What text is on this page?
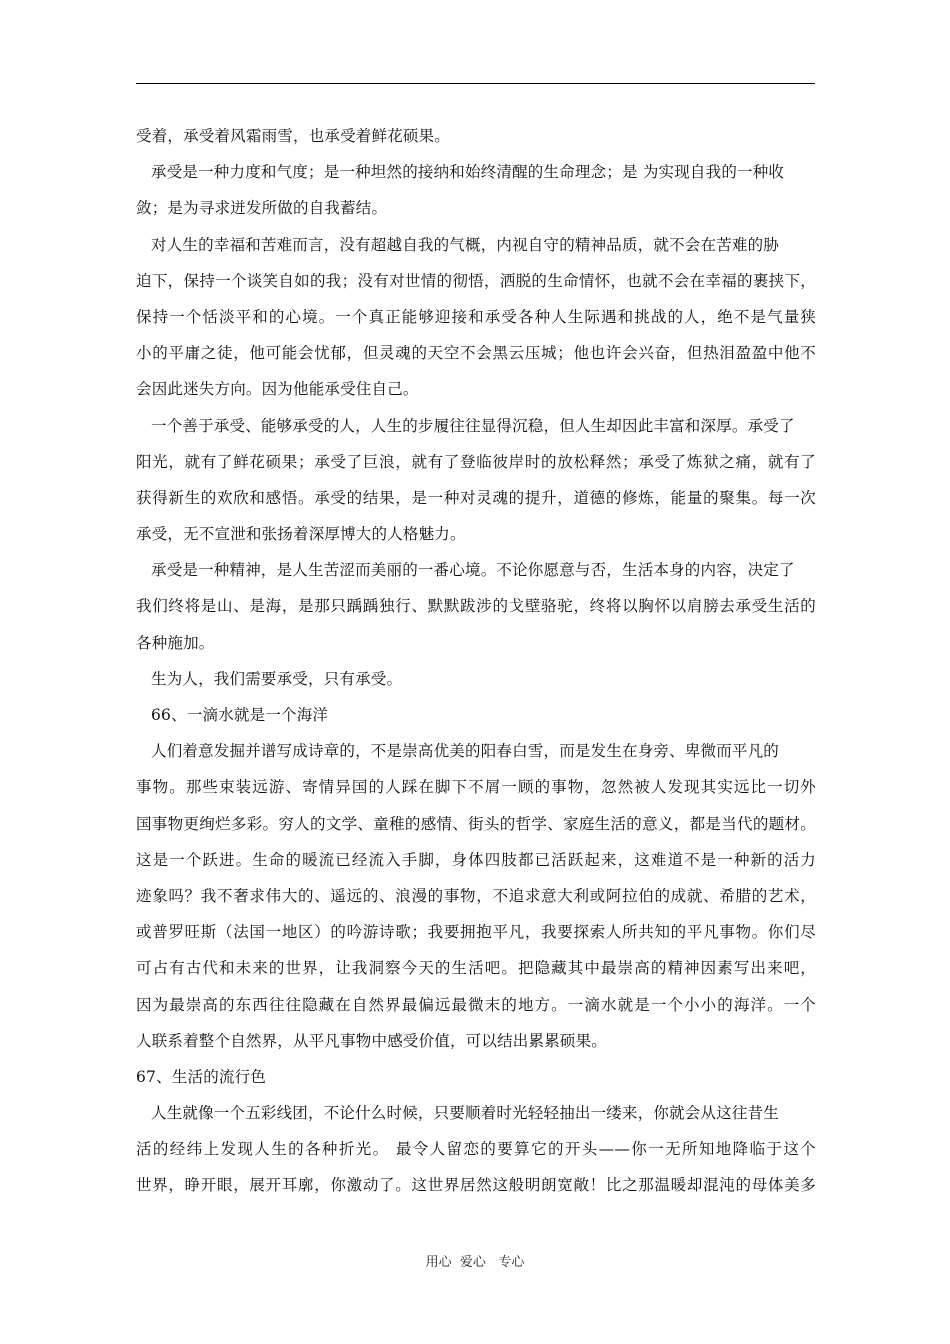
受着，承受着风霜雨雪，也承受着鲜花硕果。
承受是一种力度和气度；是一种坦然的接纳和始终清醒的生命理念；是 为实现自我的一种收
敛；是为寻求迸发所做的自我蓄结。
对人生的幸福和苦难而言，没有超越自我的气概，内视自守的精神品质，就不会在苦难的胁
迫下，保持一个谈笑自如的我；没有对世情的彻悟，洒脱的生命情怀，也就不会在幸福的裹挟下，
保持一个恬淡平和的心境。一个真正能够迎接和承受各种人生际遇和挑战的人，绝不是气量狭
小的平庸之徒，他可能会忧郁，但灵魂的天空不会黑云压城；他也许会兴奋，但热泪盈盈中他不
会因此迷失方向。因为他能承受住自己。
一个善于承受、能够承受的人，人生的步履往往显得沉稳，但人生却因此丰富和深厚。承受了
阳光，就有了鲜花硕果；承受了巨浪，就有了登临彼岸时的放松释然；承受了炼狱之痛，就有了
获得新生的欢欣和感悟。承受的结果，是一种对灵魂的提升，道德的修炼，能量的聚集。每一次
承受，无不宣泄和张扬着深厚博大的人格魅力。
承受是一种精神，是人生苦涩而美丽的一番心境。不论你愿意与否，生活本身的内容，决定了
我们终将是山、是海，是那只踽踽独行、默默跋涉的戈壁骆驼，终将以胸怀以肩膀去承受生活的
各种施加。
生为人，我们需要承受，只有承受。
66、一滴水就是一个海洋
人们着意发掘并谱写成诗章的，不是崇高优美的阳春白雪，而是发生在身旁、卑微而平凡的
事物。那些束装远游、寄情异国的人踩在脚下不屑一顾的事物，忽然被人发现其实远比一切外
国事物更绚烂多彩。穷人的文学、童稚的感情、街头的哲学、家庭生活的意义，都是当代的题材。
这是一个跃进。生命的暖流已经流入手脚，身体四肢都已活跃起来，这难道不是一种新的活力
迹象吗？我不奢求伟大的、遥远的、浪漫的事物，不追求意大利或阿拉伯的成就、希腊的艺术，
或普罗旺斯（法国一地区）的吟游诗歌；我要拥抱平凡，我要探索人所共知的平凡事物。你们尽
可占有古代和未来的世界，让我洞察今天的生活吧。把隐藏其中最崇高的精神因素写出来吧，
因为最崇高的东西往往隐藏在自然界最偏远最微末的地方。一滴水就是一个小小的海洋。一个
人联系着整个自然界，从平凡事物中感受价值，可以结出累累硕果。
67、生活的流行色
人生就像一个五彩线团，不论什么时候，只要顺着时光轻轻抽出一缕来，你就会从这往昔生
活的经纬上发现人生的各种折光。 最令人留恋的要算它的开头——你一无所知地降临于这个
世界，睁开眼，展开耳廓，你激动了。这世界居然这般明朗宽敞！比之那温暖却混沌的母体美多
用心  爱心   专心
